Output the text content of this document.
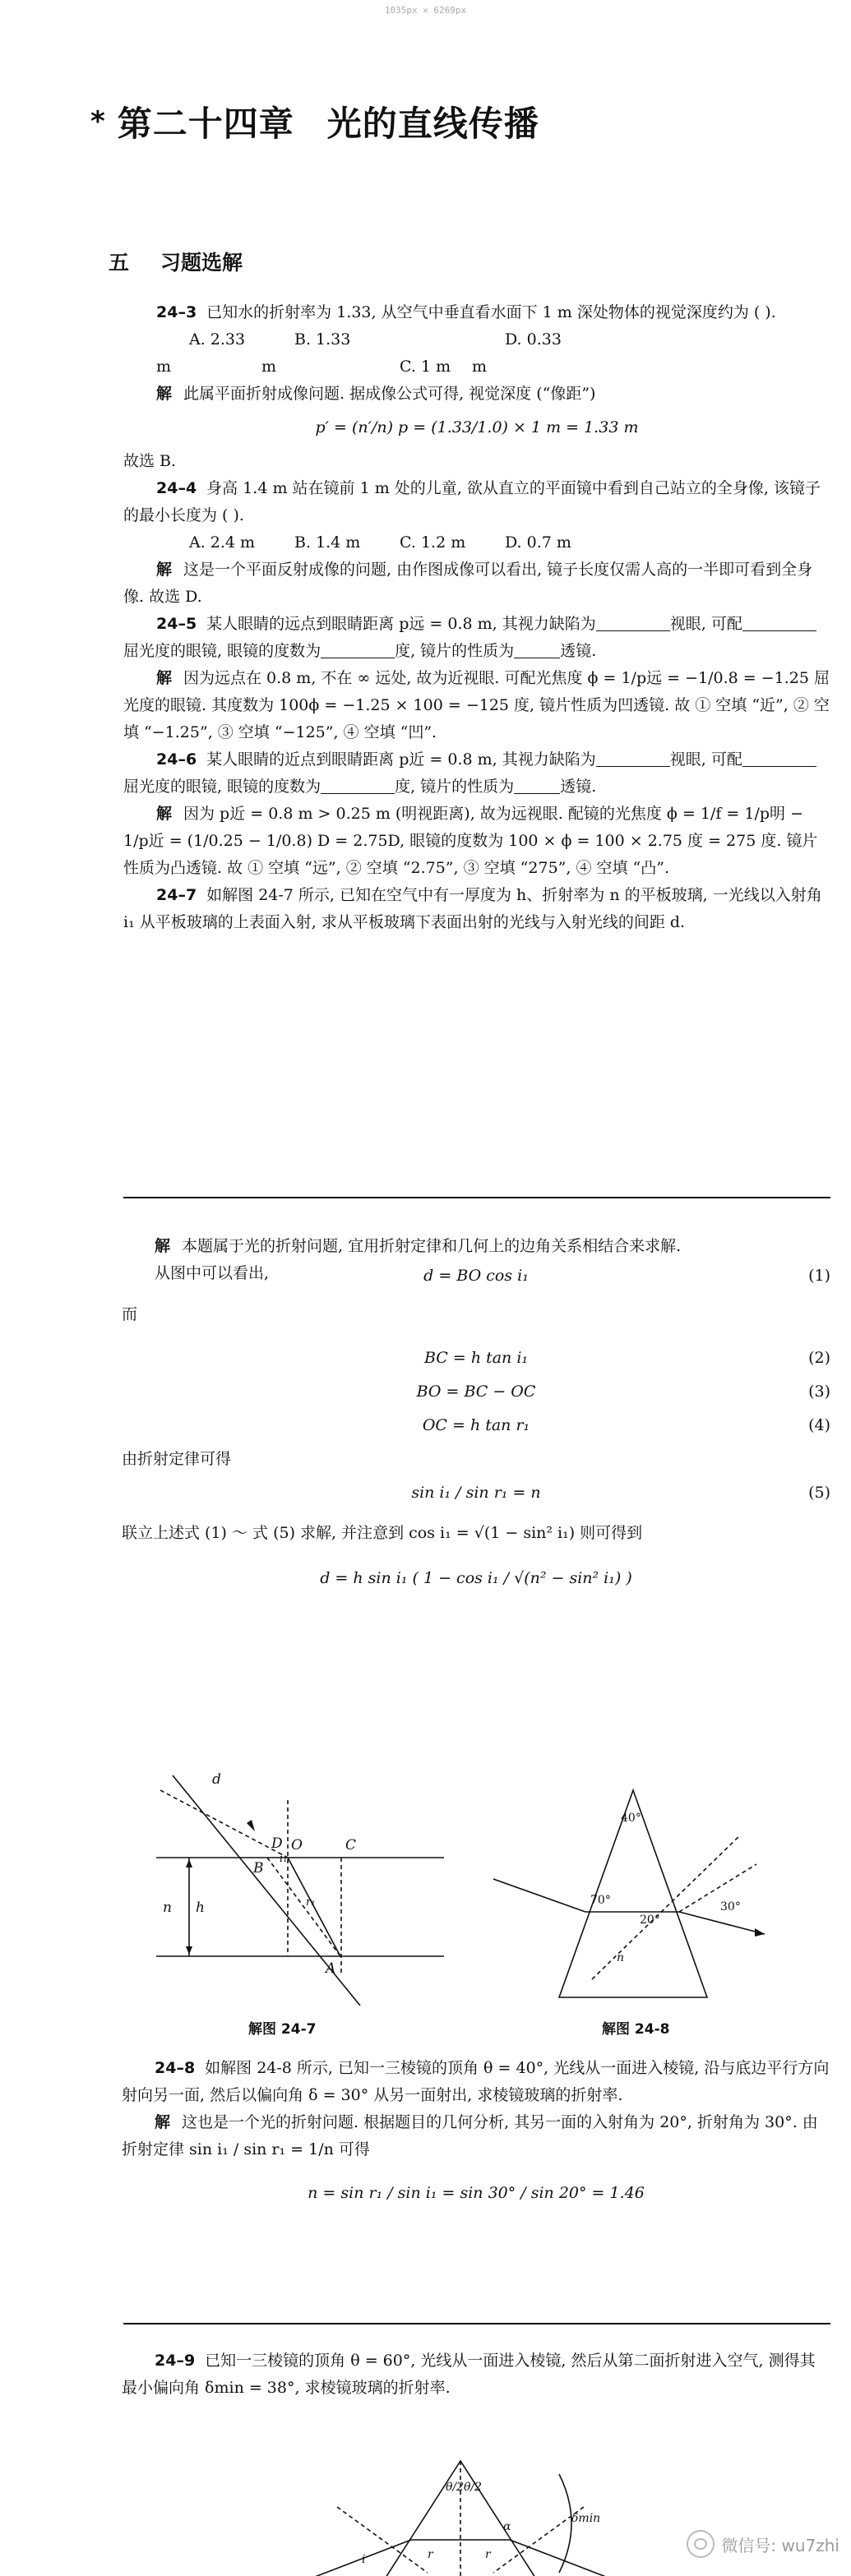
1035px × 6269px
* 第二十四章 光的直线传播
五 习题选解

24–3 已知水的折射率为 1.33, 从空气中垂直看水面下 1 m 深处物体的视觉深度约为 ( ).

A. 2.33 mB. 1.33 m	C. 1 mD. 0.33 m

解 此属平面折射成像问题. 据成像公式可得, 视觉深度 (“像距”)

p′ = (n′/n) p = (1.33/1.0) × 1 m = 1.33 m

故选 B.

24–4 身高 1.4 m 站在镜前 1 m 处的儿童, 欲从直立的平面镜中看到自己站立的全身像, 该镜子的最小长度为 ( ).

A. 2.4 m	B. 1.4 m	C. 1.2 m	D. 0.7 m

解 这是一个平面反射成像的问题, 由作图成像可以看出, 镜子长度仅需人高的一半即可看到全身像. 故选 D.

24–5 某人眼睛的远点到眼睛距离 p远 = 0.8 m, 其视力缺陷为	视眼, 可配屈光度的眼镜, 眼镜的度数为	度, 镜片的性质为	透镜.

解 因为远点在 0.8 m, 不在 ∞ 远处, 故为近视眼. 可配光焦度 ϕ = 1/p远 = −1/0.8 = −1.25 屈光度的眼镜. 其度数为 100ϕ = −1.25 × 100 = −125 度, 镜片性质为凹透镜. 故 ① 空填 “近”, ② 空填 “−1.25”, ③ 空填 “−125”, ④ 空填 “凹”.

24–6 某人眼睛的近点到眼睛距离 p近 = 0.8 m, 其视力缺陷为	视眼, 可配屈光度的眼镜, 眼镜的度数为	度, 镜片的性质为	透镜.

解 因为 p近 = 0.8 m > 0.25 m (明视距离), 故为远视眼. 配镜的光焦度 ϕ = 1/f = 1/p明 − 1/p近 = (1/0.25 − 1/0.8) D = 2.75D, 眼镜的度数为 100 × ϕ = 100 × 2.75 度 = 275 度. 镜片性质为凸透镜. 故 ① 空填 “远”, ② 空填 “2.75”, ③ 空填 “275”, ④ 空填 “凸”.

24–7 如解图 24-7 所示, 已知在空气中有一厚度为 h、折射率为 n 的平板玻璃, 一光线以入射角 i₁ 从平板玻璃的上表面入射, 求从平板玻璃下表面出射的光线与入射光线的间距 d.

解 本题属于光的折射问题, 宜用折射定律和几何上的边角关系相结合来求解.

从图中可以看出,	d = BO cos i₁	(1)

而

BC = h tan i₁	(2)

BO = BC − OC	(3)

OC = h tan r₁	(4)

由折射定律可得

sin i₁ / sin r₁ = n	(5)

联立上述式 (1) ～ 式 (5) 求解, 并注意到 cos i₁ = √(1 − sin² i₁) 则可得到

d = h sin i₁ ( 1 − cos i₁ / √(n² − sin² i₁) )

d
D
i₁
B
O	C
n h	r₁
A
解图 24-7
40°
70°
20°
30°
n
解图 24-8

24–8 如解图 24-8 所示, 已知一三棱镜的顶角 θ = 40°, 光线从一面进入棱镜, 沿与底边平行方向射向另一面, 然后以偏向角 δ = 30° 从另一面射出, 求棱镜玻璃的折射率.

解 这也是一个光的折射问题. 根据题目的几何分析, 其另一面的入射角为 20°, 折射角为 30°. 由折射定律 sin i₁ / sin r₁ = 1/n 可得

n = sin r₁ / sin i₁ = sin 30° / sin 20° = 1.46

24–9 已知一三棱镜的顶角 θ = 60°, 光线从一面进入棱镜, 然后从第二面折射进入空气, 测得其最小偏向角 δmin = 38°, 求棱镜玻璃的折射率.

θ/2 θ/2
δmin
i	r	r
α
微信号: wu7zhi
